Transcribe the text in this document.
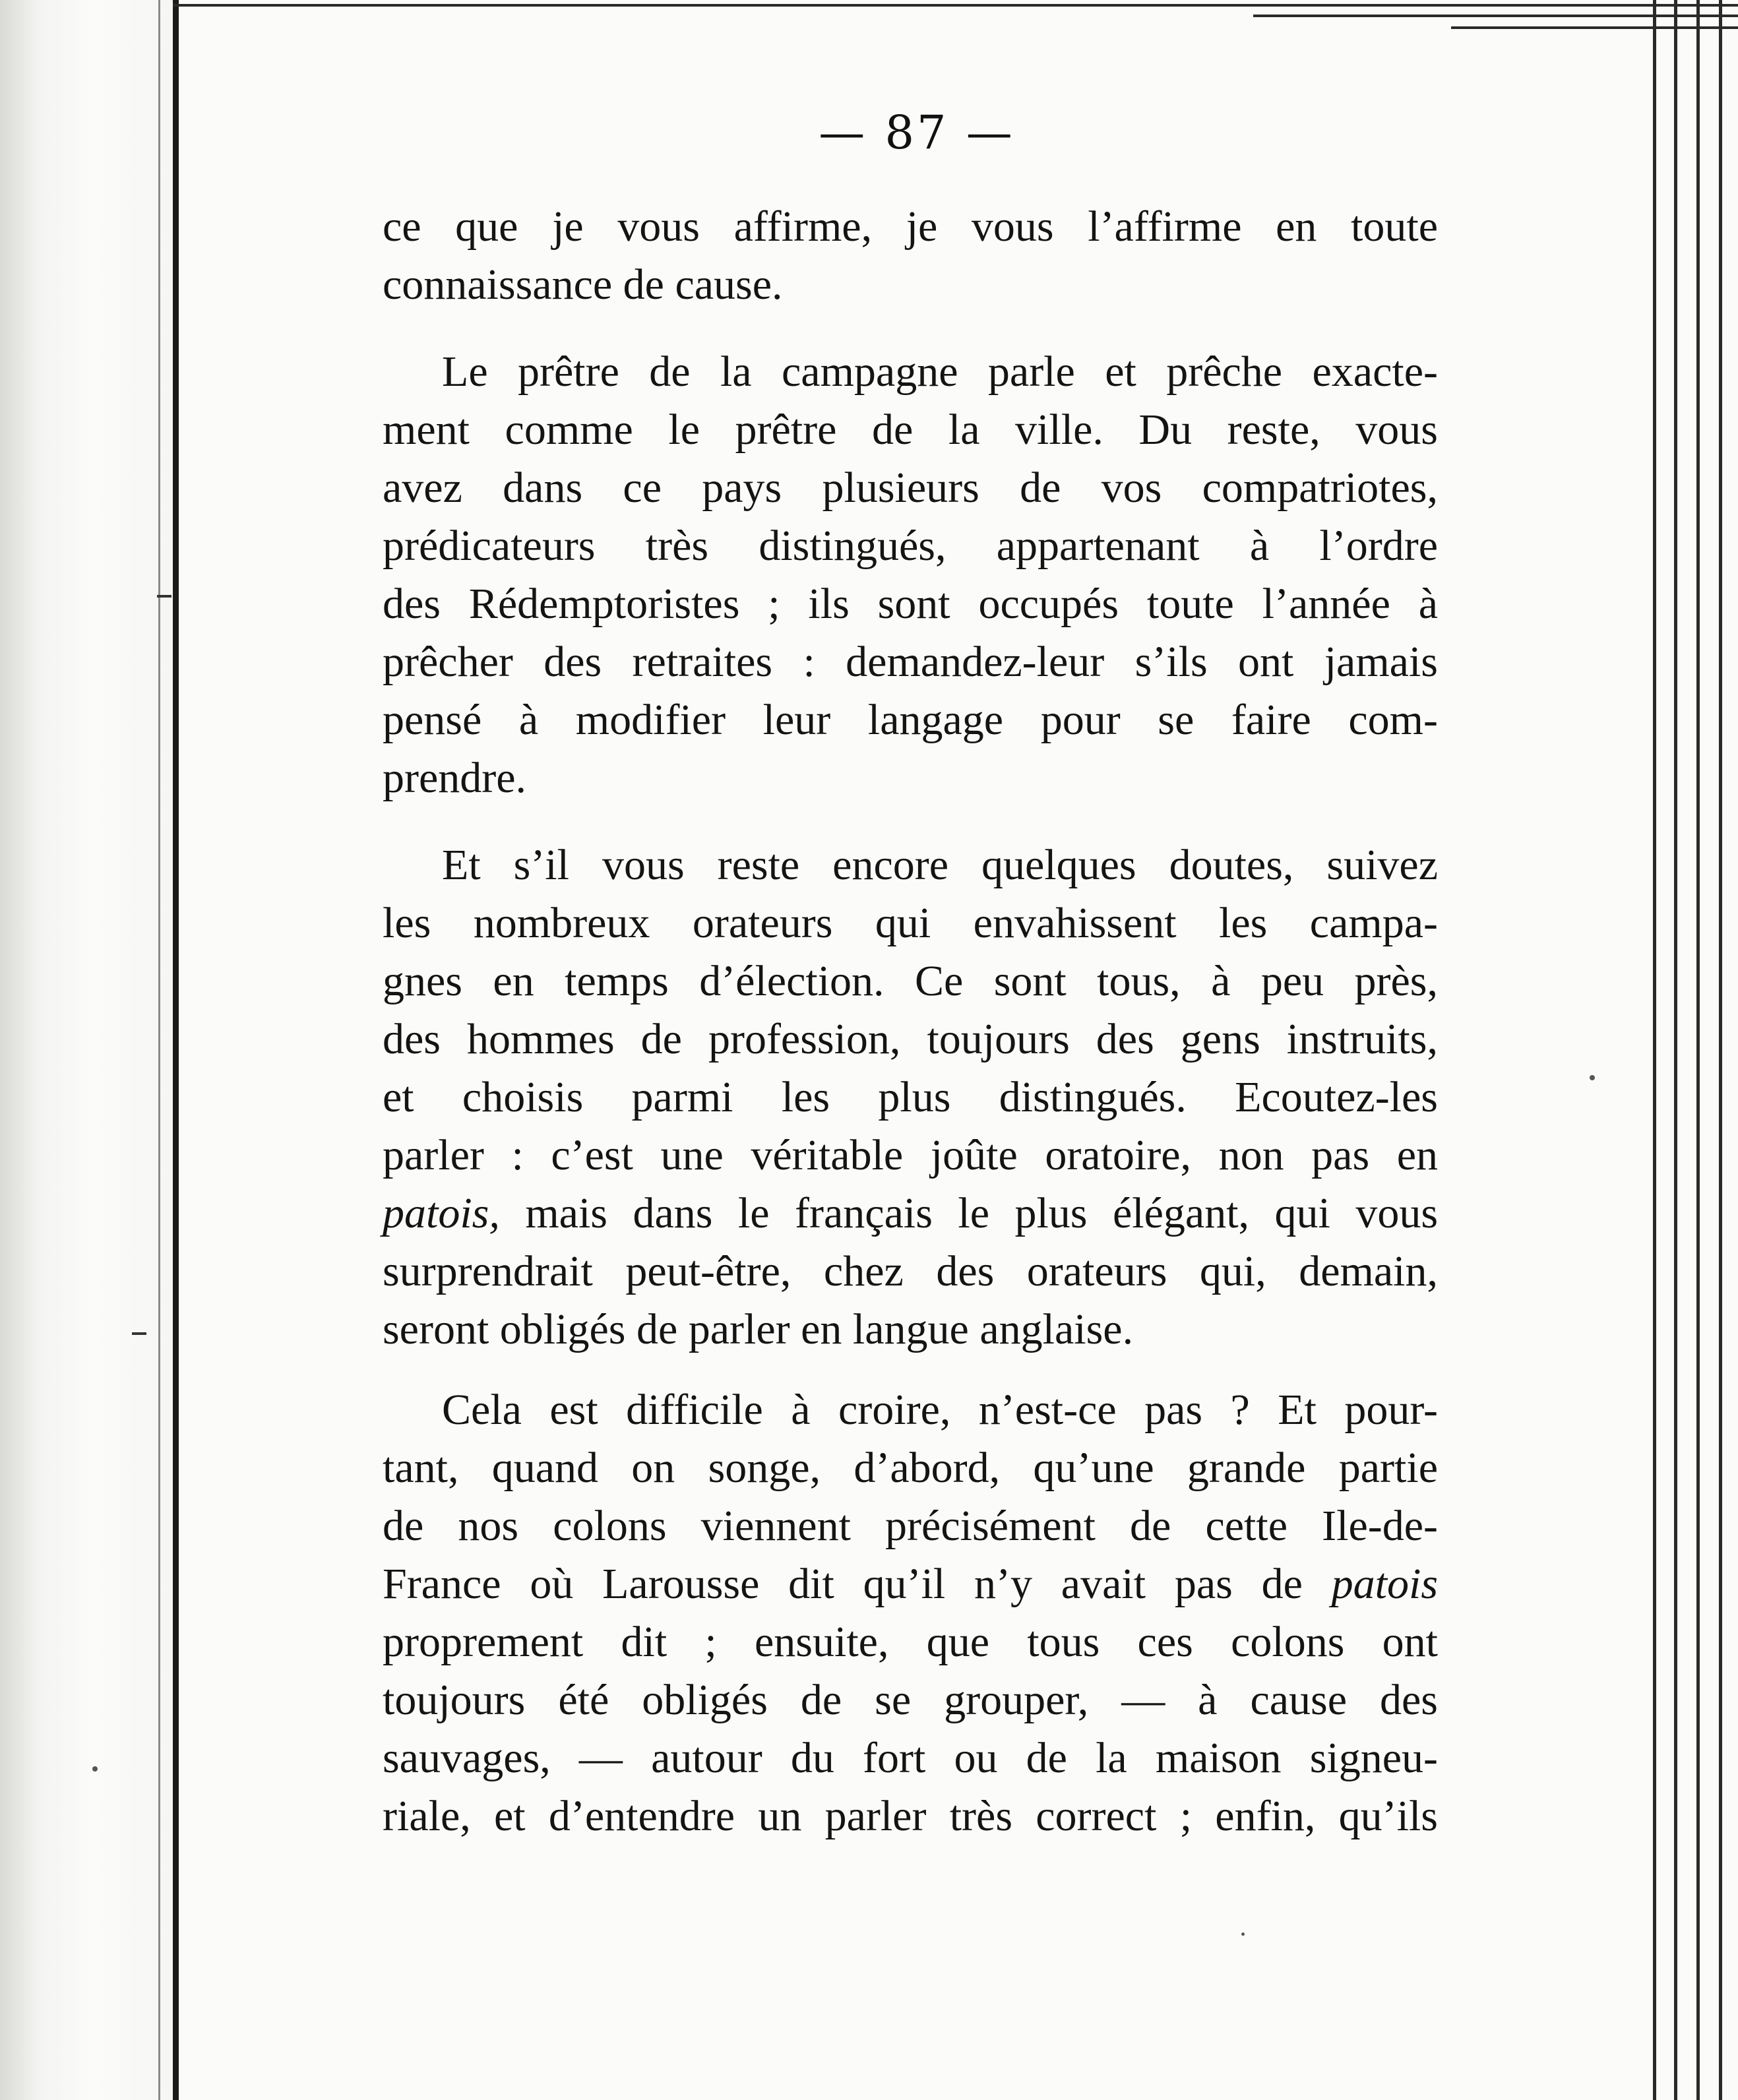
— 87 —

ce que je vous affirme, je vous l’affirme en toute
connaissance de cause.

Le prêtre de la campagne parle et prêche exacte-
ment comme le prêtre de la ville. Du reste, vous
avez dans ce pays plusieurs de vos compatriotes,
prédicateurs très distingués, appartenant à l’ordre
des Rédemptoristes ; ils sont occupés toute l’année à
prêcher des retraites : demandez-leur s’ils ont jamais
pensé à modifier leur langage pour se faire com-
prendre.

Et s’il vous reste encore quelques doutes, suivez
les nombreux orateurs qui envahissent les campa-
gnes en temps d’élection. Ce sont tous, à peu près,
des hommes de profession, toujours des gens instruits,
et choisis parmi les plus distingués. Ecoutez-les
parler : c’est une véritable joûte oratoire, non pas en
patois, mais dans le français le plus élégant, qui vous
surprendrait peut-être, chez des orateurs qui, demain,
seront obligés de parler en langue anglaise.

Cela est difficile à croire, n’est-ce pas ? Et pour-
tant, quand on songe, d’abord, qu’une grande partie
de nos colons viennent précisément de cette Ile-de-
France où Larousse dit qu’il n’y avait pas de patois
proprement dit ; ensuite, que tous ces colons ont
toujours été obligés de se grouper, — à cause des
sauvages, — autour du fort ou de la maison signeu-
riale, et d’entendre un parler très correct ; enfin, qu’ils
